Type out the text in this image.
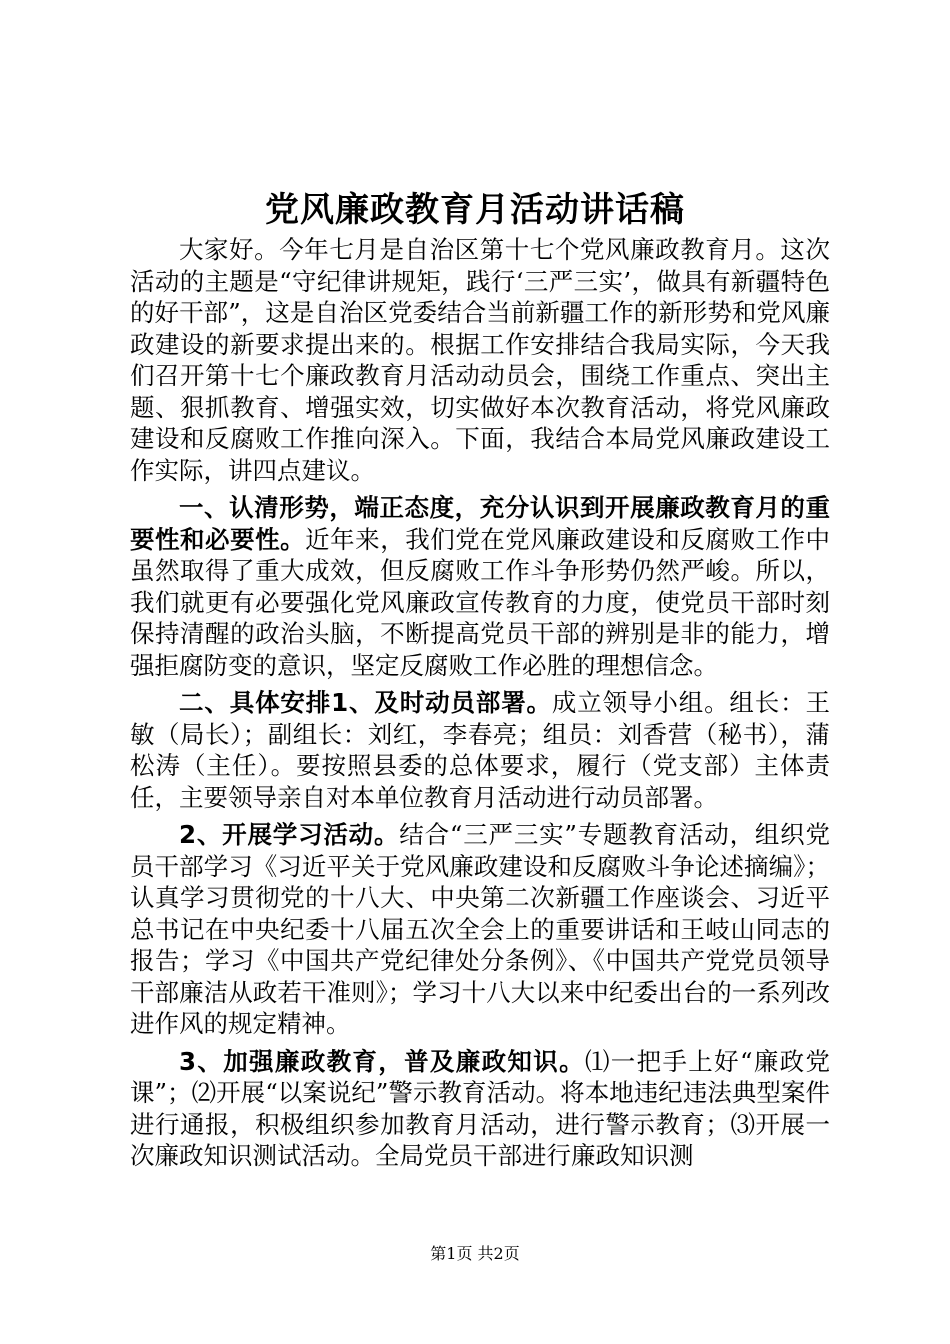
党风廉政教育月活动讲话稿

大家好。今年七月是自治区第十七个党风廉政教育月。这次活动的主题是“守纪律讲规矩，践行‘三严三实’，做具有新疆特色的好干部”，这是自治区党委结合当前新疆工作的新形势和党风廉政建设的新要求提出来的。根据工作安排结合我局实际，今天我们召开第十七个廉政教育月活动动员会，围绕工作重点、突出主题、狠抓教育、增强实效，切实做好本次教育活动，将党风廉政建设和反腐败工作推向深入。下面，我结合本局党风廉政建设工作实际，讲四点建议。

一、认清形势，端正态度，充分认识到开展廉政教育月的重要性和必要性。近年来，我们党在党风廉政建设和反腐败工作中虽然取得了重大成效，但反腐败工作斗争形势仍然严峻。所以，我们就更有必要强化党风廉政宣传教育的力度，使党员干部时刻保持清醒的政治头脑，不断提高党员干部的辨别是非的能力，增强拒腐防变的意识，坚定反腐败工作必胜的理想信念。

二、具体安排1、及时动员部署。成立领导小组。组长：王敏（局长）；副组长：刘红，李春亮；组员：刘香营（秘书），蒲松涛（主任）。要按照县委的总体要求，履行（党支部）主体责任，主要领导亲自对本单位教育月活动进行动员部署。

2、开展学习活动。结合“三严三实”专题教育活动，组织党员干部学习《习近平关于党风廉政建设和反腐败斗争论述摘编》；认真学习贯彻党的十八大、中央第二次新疆工作座谈会、习近平总书记在中央纪委十八届五次全会上的重要讲话和王岐山同志的报告；学习《中国共产党纪律处分条例》、《中国共产党党员领导干部廉洁从政若干准则》；学习十八大以来中纪委出台的一系列改进作风的规定精神。

3、加强廉政教育，普及廉政知识。⑴一把手上好“廉政党课”；⑵开展“以案说纪”警示教育活动。将本地违纪违法典型案件进行通报，积极组织参加教育月活动，进行警示教育；⑶开展一次廉政知识测试活动。全局党员干部进行廉政知识测

第1页 共2页
